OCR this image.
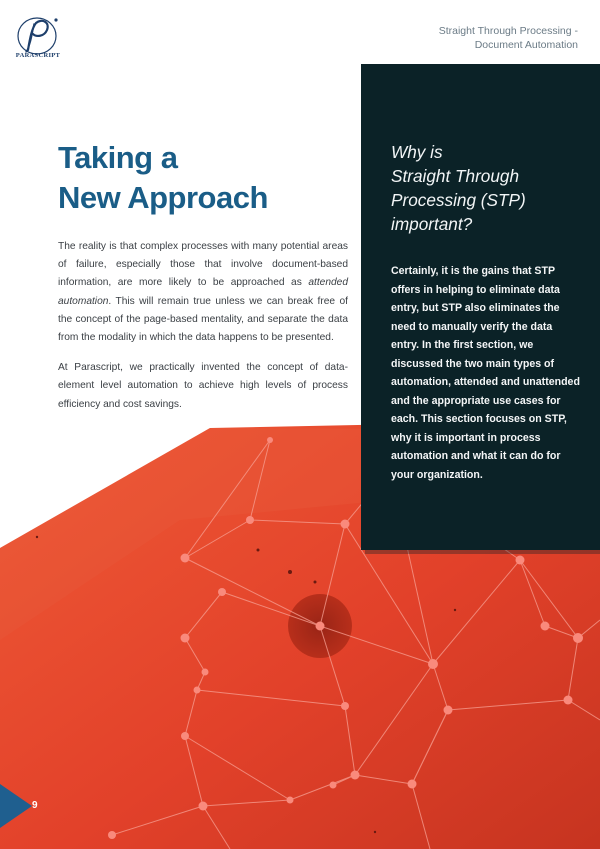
PARASCRIPT
Straight Through Processing -
Document Automation
Taking a
New Approach

The reality is that complex processes with many potential areas of failure, especially those that involve document-based information, are more likely to be approached as attended automation. This will remain true unless we can break free of the concept of the page-based mentality, and separate the data from the modality in which the data happens to be presented.

At Parascript, we practically invented the concept of data-element level automation to achieve high levels of process efficiency and cost savings.

Why is
Straight Through
Processing (STP)
important?
Certainly, it is the gains that STP offers in helping to eliminate data entry, but STP also eliminates the need to manually verify the data entry. In the first section, we discussed the two main types of automation, attended and unattended and the appropriate use cases for each. This section focuses on STP, why it is important in process automation and what it can do for your organization.
9
